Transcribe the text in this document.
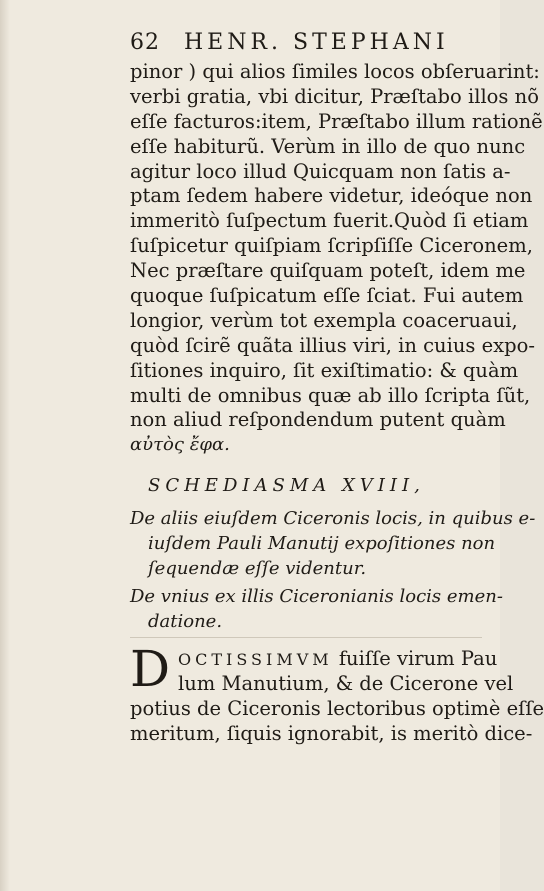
62 HENR. STEPHANI
pinor ) qui alios ſimiles locos obſeruarint:
verbi gratia, vbi dicitur, Præſtabo illos nõ
eſſe facturos:item, Præſtabo illum rationẽ
eſſe habiturũ. Verùm in illo de quo nunc
agitur loco illud Quicquam non ſatis a-
ptam ſedem habere videtur, ideóque non
immeritò ſuſpectum fuerit.Quòd ſi etiam
ſuſpicetur quiſpiam ſcripſiſſe Ciceronem,
Nec præſtare quiſquam poteſt, idem me
quoque ſuſpicatum eſſe ſciat. Fui autem
longior, verùm tot exempla coaceruaui,
quòd ſcirẽ quãta illius viri, in cuius expo-
ſitiones inquiro, ſit exiſtimatio: & quàm
multi de omnibus quæ ab illo ſcripta ſũt,
non aliud reſpondendum putent quàm
αὐτὸς ἔφα.
SCHEDIASMA XVIII,
De aliis eiuſdem Ciceronis locis, in quibus e-
iuſdem Pauli Manutij expoſitiones non
ſequendæ eſſe videntur.
De vnius ex illis Ciceronianis locis emen-
datione.
D OCTISSIMVM fuiſſe virum Pau
lum Manutium, & de Cicerone vel
potius de Ciceronis lectoribus optimè eſſe
meritum, ſiquis ignorabit, is meritò dice-
